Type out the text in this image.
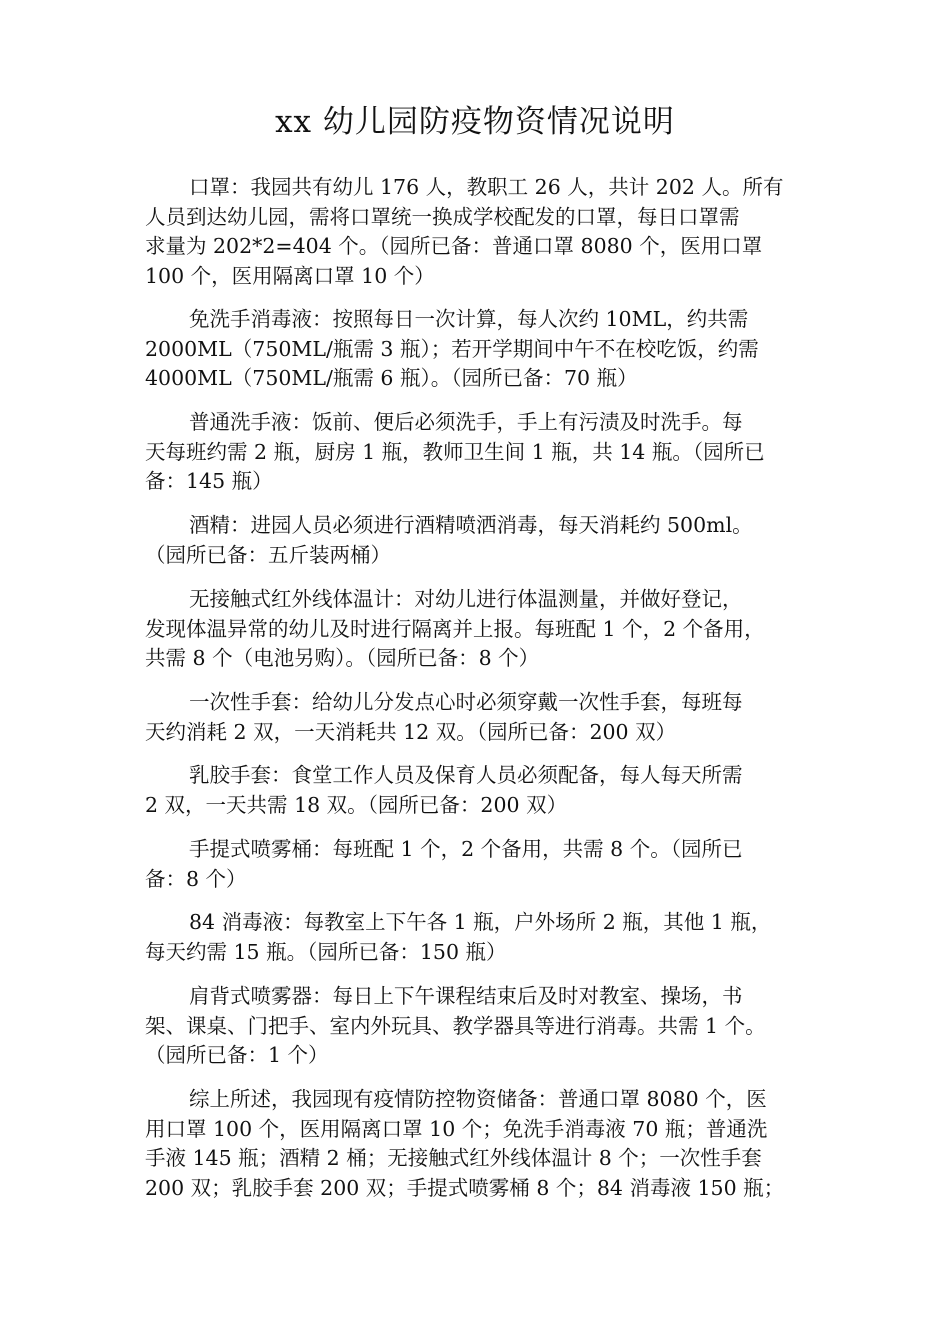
xx 幼儿园防疫物资情况说明

口罩：我园共有幼儿 176 人，教职工 26 人，共计 202 人。所有
人员到达幼儿园，需将口罩统一换成学校配发的口罩，每日口罩需
求量为 202*2=404 个。（园所已备：普通口罩 8080 个，医用口罩
100 个，医用隔离口罩 10 个）

免洗手消毒液：按照每日一次计算，每人次约 10ML，约共需
2000ML（750ML/瓶需 3 瓶）；若开学期间中午不在校吃饭，约需
4000ML（750ML/瓶需 6 瓶）。（园所已备：70 瓶）

普通洗手液：饭前、便后必须洗手，手上有污渍及时洗手。每
天每班约需 2 瓶，厨房 1 瓶，教师卫生间 1 瓶，共 14 瓶。（园所已
备：145 瓶）

酒精：进园人员必须进行酒精喷洒消毒，每天消耗约 500ml。
（园所已备：五斤装两桶）

无接触式红外线体温计：对幼儿进行体温测量，并做好登记，
发现体温异常的幼儿及时进行隔离并上报。每班配 1 个，2 个备用，
共需 8 个（电池另购）。（园所已备：8 个）

一次性手套：给幼儿分发点心时必须穿戴一次性手套，每班每
天约消耗 2 双，一天消耗共 12 双。（园所已备：200 双）

乳胶手套：食堂工作人员及保育人员必须配备，每人每天所需
2 双，一天共需 18 双。（园所已备：200 双）

手提式喷雾桶：每班配 1 个，2 个备用，共需 8 个。（园所已
备：8 个）

84 消毒液：每教室上下午各 1 瓶，户外场所 2 瓶，其他 1 瓶，
每天约需 15 瓶。（园所已备：150 瓶）

肩背式喷雾器：每日上下午课程结束后及时对教室、操场，书
架、课桌、门把手、室内外玩具、教学器具等进行消毒。共需 1 个。
（园所已备：1 个）

综上所述，我园现有疫情防控物资储备：普通口罩 8080 个，医
用口罩 100 个，医用隔离口罩 10 个；免洗手消毒液 70 瓶；普通洗
手液 145 瓶；酒精 2 桶；无接触式红外线体温计 8 个；一次性手套
200 双；乳胶手套 200 双；手提式喷雾桶 8 个；84 消毒液 150 瓶；
